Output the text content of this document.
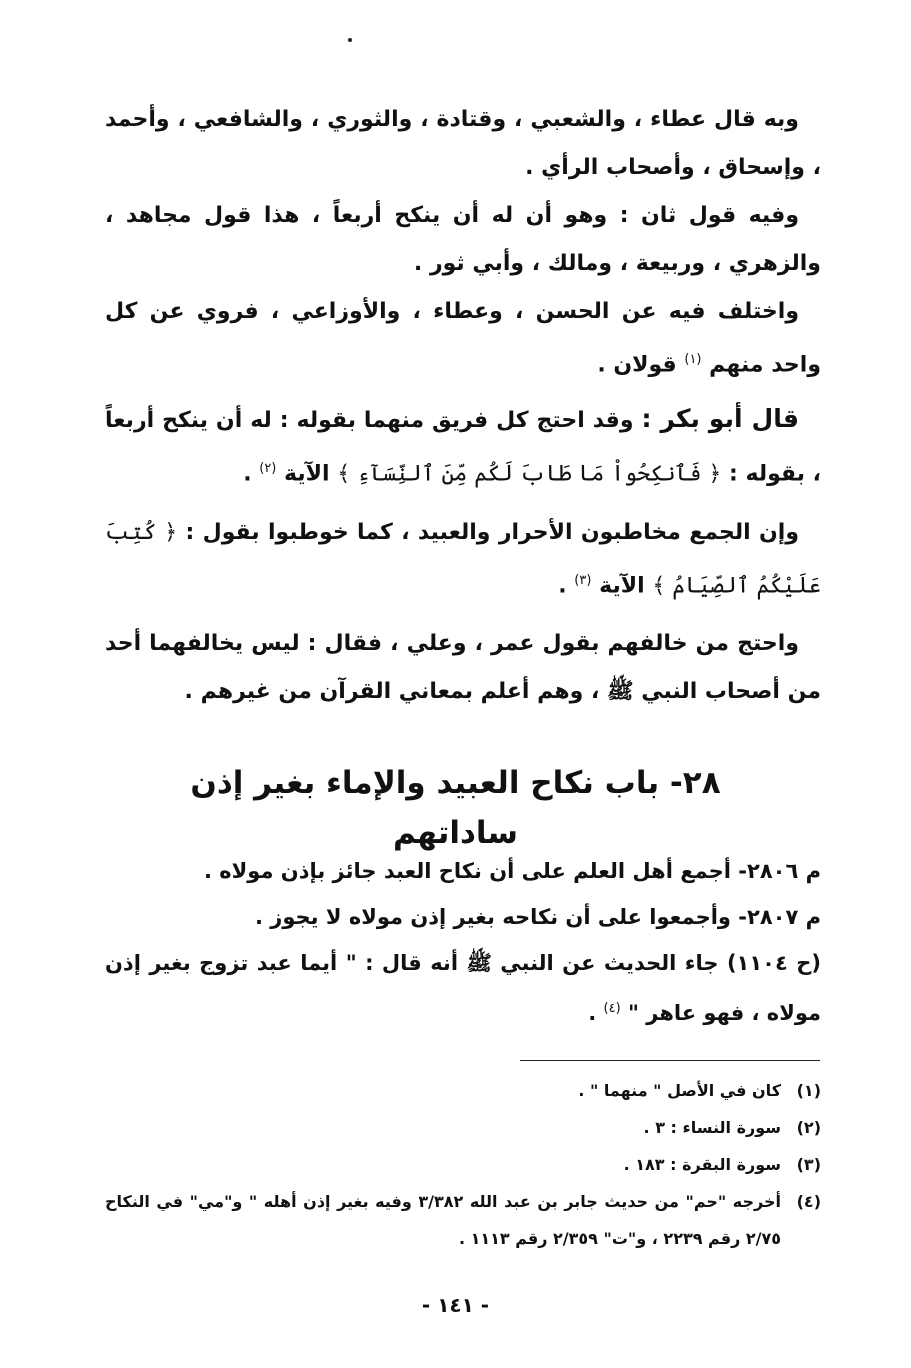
وبه قال عطاء ، والشعبي ، وقتادة ، والثوري ، والشافعي ، وأحمد ، وإسحاق ، وأصحاب الرأي .

وفيه قول ثان : وهو أن له أن ينكح أربعاً ، هذا قول مجاهد ، والزهري ، وربيعة ، ومالك ، وأبي ثور .

واختلف فيه عن الحسن ، وعطاء ، والأوزاعي ، فروي عن كل واحد منهم $^{(١)}$ قولان .

قال أبو بكر : وقد احتج كل فريق منهما بقوله : له أن ينكح أربعاً ، بقوله : ﴿ فَٱنكِحُواْ مَا طَابَ لَكُم مِّنَ ٱلنِّسَآءِ ﴾ الآية $^{(٢)}$ .

وإن الجمع مخاطبون الأحرار والعبيد ، كما خوطبوا بقول : ﴿ كُتِبَ عَلَيْكُمُ ٱلصِّيَامُ ﴾ الآية $^{(٣)}$ .

واحتج من خالفهم بقول عمر ، وعلي ، فقال : ليس يخالفهما أحد من أصحاب النبي ﷺ ، وهم أعلم بمعاني القرآن من غيرهم .

٢٨- باب نكاح العبيد والإماء بغير إذن ساداتهم

م ٢٨٠٦- أجمع أهل العلم على أن نكاح العبد جائز بإذن مولاه .

م ٢٨٠٧- وأجمعوا على أن نكاحه بغير إذن مولاه لا يجوز .

(ح ١١٠٤) جاء الحديث عن النبي ﷺ أنه قال : " أيما عبد تزوج بغير إذن مولاه ، فهو عاهر " $^{(٤)}$ .

(١)
كان في الأصل " منهما " .
(٢)
سورة النساء : ٣ .
(٣)
سورة البقرة : ١٨٣ .
(٤)
أخرجه "حم" من حديث جابر بن عبد الله ٣/٣٨٢ وفيه بغير إذن أهله " و"مي" في النكاح ٢/٧٥ رقم ٢٢٣٩ ، و"ت" ٢/٣٥٩ رقم ١١١٣ .
- ١٤١ -
